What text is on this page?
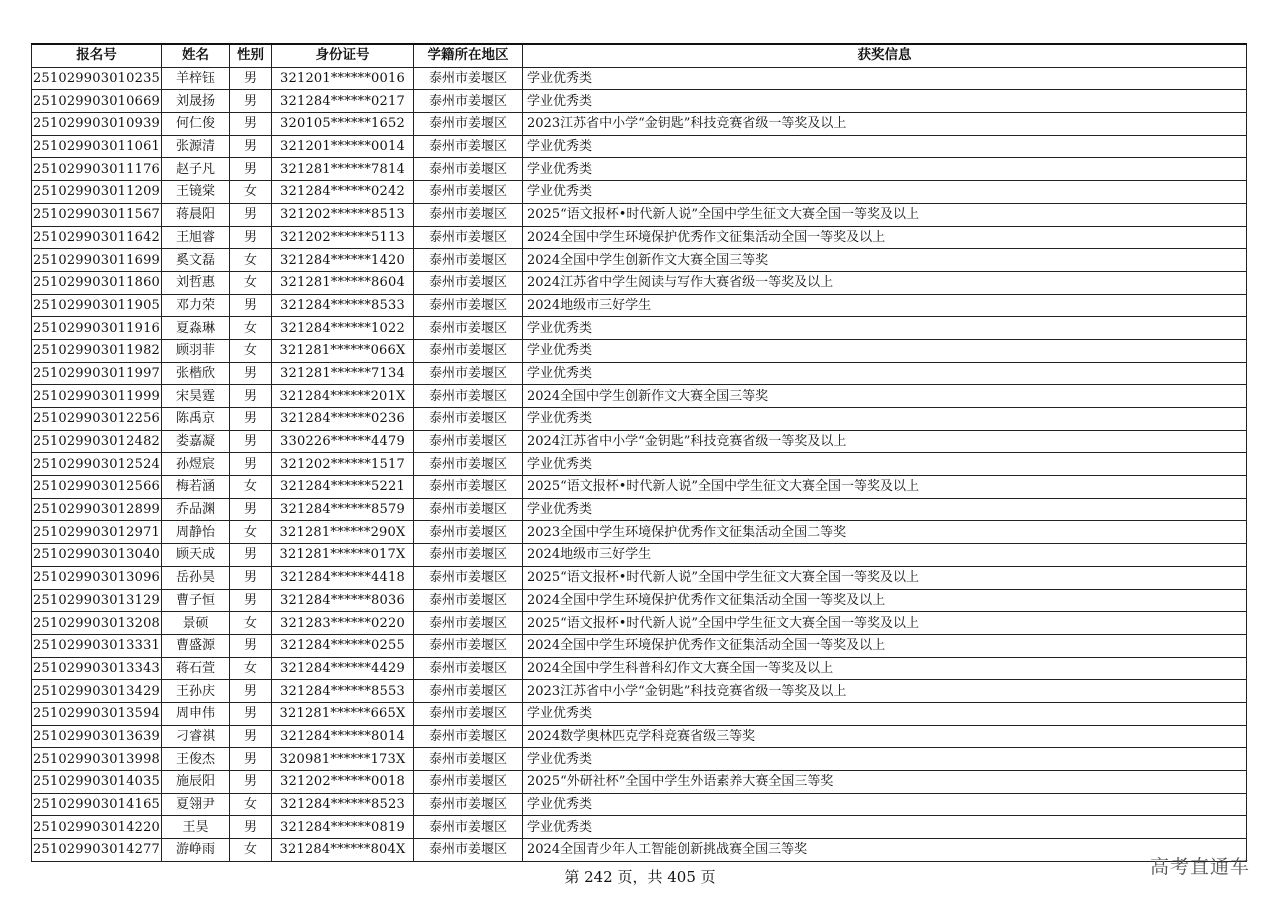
报名号	姓名	性别	身份证号	学籍所在地区	获奖信息
251029903010235	羊梓钰	男	321201******0016	泰州市姜堰区	学业优秀类
251029903010669	刘晟扬	男	321284******0217	泰州市姜堰区	学业优秀类
251029903010939	何仁俊	男	320105******1652	泰州市姜堰区	2023江苏省中小学“金钥匙”科技竞赛省级一等奖及以上
251029903011061	张源清	男	321201******0014	泰州市姜堰区	学业优秀类
251029903011176	赵子凡	男	321281******7814	泰州市姜堰区	学业优秀类
251029903011209	王镜棠	女	321284******0242	泰州市姜堰区	学业优秀类
251029903011567	蒋晨阳	男	321202******8513	泰州市姜堰区	2025“语文报杯•时代新人说”全国中学生征文大赛全国一等奖及以上
251029903011642	王旭睿	男	321202******5113	泰州市姜堰区	2024全国中学生环境保护优秀作文征集活动全国一等奖及以上
251029903011699	奚文磊	女	321284******1420	泰州市姜堰区	2024全国中学生创新作文大赛全国三等奖
251029903011860	刘哲惠	女	321281******8604	泰州市姜堰区	2024江苏省中学生阅读与写作大赛省级一等奖及以上
251029903011905	邓力荣	男	321284******8533	泰州市姜堰区	2024地级市三好学生
251029903011916	夏淼琳	女	321284******1022	泰州市姜堰区	学业优秀类
251029903011982	顾羽菲	女	321281******066X	泰州市姜堰区	学业优秀类
251029903011997	张楷欣	男	321281******7134	泰州市姜堰区	学业优秀类
251029903011999	宋昊霆	男	321284******201X	泰州市姜堰区	2024全国中学生创新作文大赛全国三等奖
251029903012256	陈禹京	男	321284******0236	泰州市姜堰区	学业优秀类
251029903012482	娄嘉凝	男	330226******4479	泰州市姜堰区	2024江苏省中小学“金钥匙”科技竞赛省级一等奖及以上
251029903012524	孙煜宸	男	321202******1517	泰州市姜堰区	学业优秀类
251029903012566	梅若涵	女	321284******5221	泰州市姜堰区	2025“语文报杯•时代新人说”全国中学生征文大赛全国一等奖及以上
251029903012899	乔品渊	男	321284******8579	泰州市姜堰区	学业优秀类
251029903012971	周静怡	女	321281******290X	泰州市姜堰区	2023全国中学生环境保护优秀作文征集活动全国二等奖
251029903013040	顾天成	男	321281******017X	泰州市姜堰区	2024地级市三好学生
251029903013096	岳孙昊	男	321284******4418	泰州市姜堰区	2025“语文报杯•时代新人说”全国中学生征文大赛全国一等奖及以上
251029903013129	曹子恒	男	321284******8036	泰州市姜堰区	2024全国中学生环境保护优秀作文征集活动全国一等奖及以上
251029903013208	景硕	女	321283******0220	泰州市姜堰区	2025“语文报杯•时代新人说”全国中学生征文大赛全国一等奖及以上
251029903013331	曹盛源	男	321284******0255	泰州市姜堰区	2024全国中学生环境保护优秀作文征集活动全国一等奖及以上
251029903013343	蒋石萱	女	321284******4429	泰州市姜堰区	2024全国中学生科普科幻作文大赛全国一等奖及以上
251029903013429	王孙庆	男	321284******8553	泰州市姜堰区	2023江苏省中小学“金钥匙”科技竞赛省级一等奖及以上
251029903013594	周申伟	男	321281******665X	泰州市姜堰区	学业优秀类
251029903013639	刁睿祺	男	321284******8014	泰州市姜堰区	2024数学奥林匹克学科竞赛省级三等奖
251029903013998	王俊杰	男	320981******173X	泰州市姜堰区	学业优秀类
251029903014035	施辰阳	男	321202******0018	泰州市姜堰区	2025“外研社杯”全国中学生外语素养大赛全国三等奖
251029903014165	夏翎尹	女	321284******8523	泰州市姜堰区	学业优秀类
251029903014220	王昊	男	321284******0819	泰州市姜堰区	学业优秀类
251029903014277	游峥雨	女	321284******804X	泰州市姜堰区	2024全国青少年人工智能创新挑战赛全国三等奖
第 242 页，共 405 页	高考直通车
